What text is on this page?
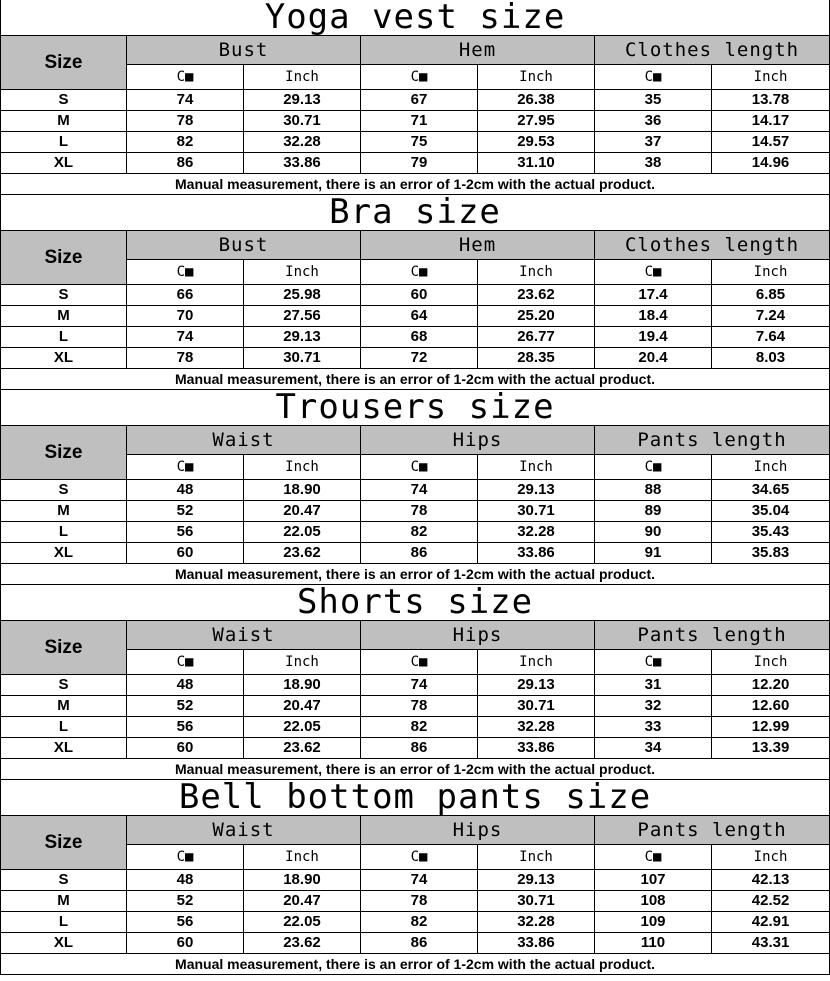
Yoga vest size						
Size	Bust		Hem		Clothes length	
	C■	Inch	C■	Inch	C■	Inch
S	74	29.13	67	26.38	35	13.78
M	78	30.71	71	27.95	36	14.17
L	82	32.28	75	29.53	37	14.57
XL	86	33.86	79	31.10	38	14.96
Manual measurement, there is an error of 1-2cm with the actual product.						
Bra size						
Size	Bust		Hem		Clothes length	
	C■	Inch	C■	Inch	C■	Inch
S	66	25.98	60	23.62	17.4	6.85
M	70	27.56	64	25.20	18.4	7.24
L	74	29.13	68	26.77	19.4	7.64
XL	78	30.71	72	28.35	20.4	8.03
Manual measurement, there is an error of 1-2cm with the actual product.						
Trousers size						
Size	Waist		Hips		Pants length	
	C■	Inch	C■	Inch	C■	Inch
S	48	18.90	74	29.13	88	34.65
M	52	20.47	78	30.71	89	35.04
L	56	22.05	82	32.28	90	35.43
XL	60	23.62	86	33.86	91	35.83
Manual measurement, there is an error of 1-2cm with the actual product.						
Shorts size						
Size	Waist		Hips		Pants length	
	C■	Inch	C■	Inch	C■	Inch
S	48	18.90	74	29.13	31	12.20
M	52	20.47	78	30.71	32	12.60
L	56	22.05	82	32.28	33	12.99
XL	60	23.62	86	33.86	34	13.39
Manual measurement, there is an error of 1-2cm with the actual product.						
Bell bottom pants size						
Size	Waist		Hips		Pants length	
	C■	Inch	C■	Inch	C■	Inch
S	48	18.90	74	29.13	107	42.13
M	52	20.47	78	30.71	108	42.52
L	56	22.05	82	32.28	109	42.91
XL	60	23.62	86	33.86	110	43.31
Manual measurement, there is an error of 1-2cm with the actual product.						
